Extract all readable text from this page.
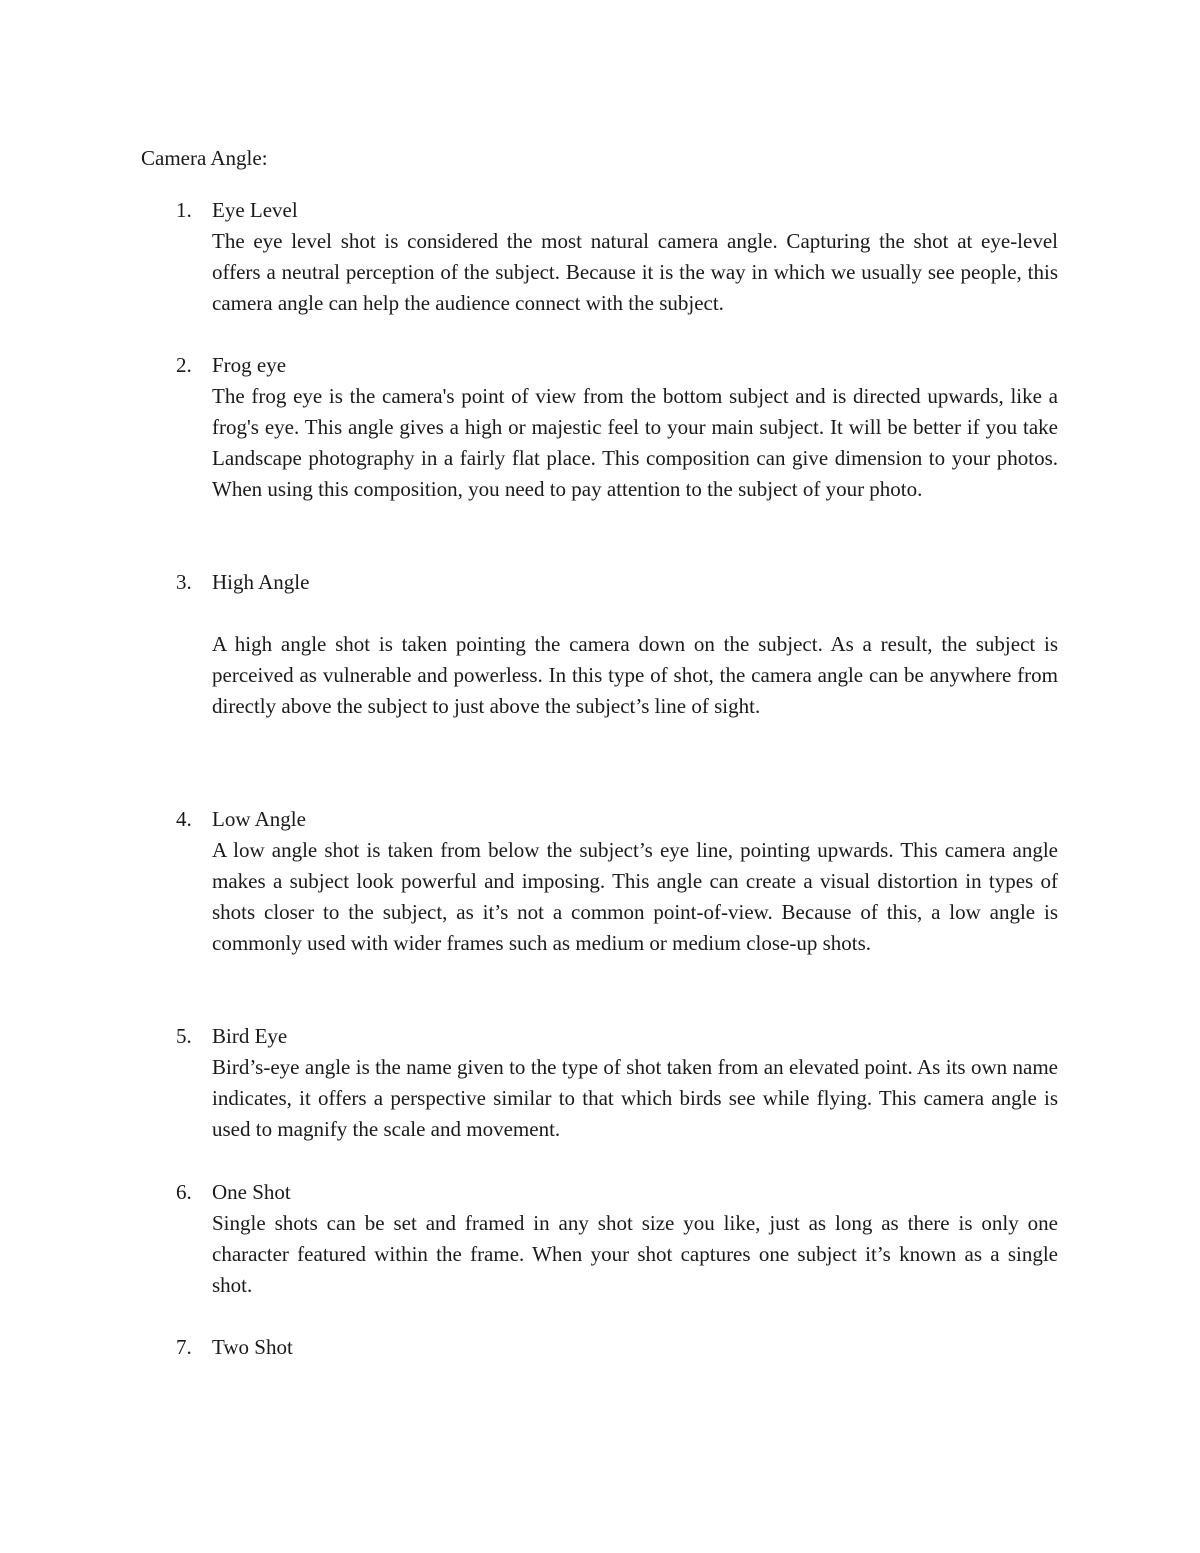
Camera Angle:

1. Eye Level
The eye level shot is considered the most natural camera angle. Capturing the shot at eye-level offers a neutral perception of the subject. Because it is the way in which we usually see people, this camera angle can help the audience connect with the subject.
2. Frog eye
The frog eye is the camera's point of view from the bottom subject and is directed upwards, like a frog's eye. This angle gives a high or majestic feel to your main subject. It will be better if you take Landscape photography in a fairly flat place. This composition can give dimension to your photos. When using this composition, you need to pay attention to the subject of your photo.
3. High Angle
A high angle shot is taken pointing the camera down on the subject. As a result, the subject is perceived as vulnerable and powerless. In this type of shot, the camera angle can be anywhere from directly above the subject to just above the subject’s line of sight.
4. Low Angle
A low angle shot is taken from below the subject’s eye line, pointing upwards. This camera angle makes a subject look powerful and imposing. This angle can create a visual distortion in types of shots closer to the subject, as it’s not a common point-of-view. Because of this, a low angle is commonly used with wider frames such as medium or medium close-up shots.
5. Bird Eye
Bird’s-eye angle is the name given to the type of shot taken from an elevated point. As its own name indicates, it offers a perspective similar to that which birds see while flying. This camera angle is used to magnify the scale and movement.
6. One Shot
Single shots can be set and framed in any shot size you like, just as long as there is only one character featured within the frame. When your shot captures one subject it’s known as a single shot.
7. Two Shot
